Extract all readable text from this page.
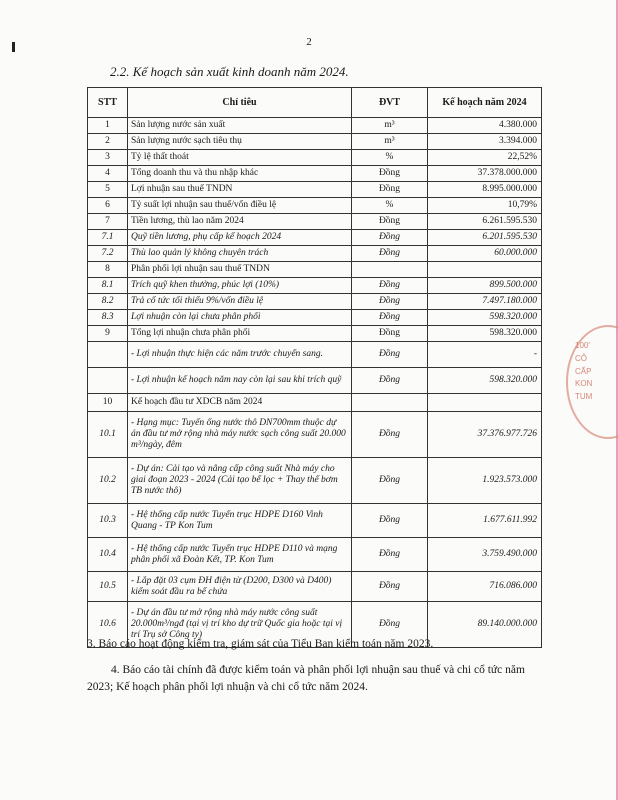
2
2.2. Kế hoạch sản xuất kinh doanh năm 2024.
STT	Chỉ tiêu	ĐVT	Kế hoạch năm 2024
1	Sản lượng nước sản xuất	m³	4.380.000
2	Sản lượng nước sạch tiêu thụ	m³	3.394.000
3	Tỷ lệ thất thoát	%	22,52%
4	Tổng doanh thu và thu nhập khác	Đồng	37.378.000.000
5	Lợi nhuận sau thuế TNDN	Đồng	8.995.000.000
6	Tỷ suất lợi nhuận sau thuế/vốn điều lệ	%	10,79%
7	Tiền lương, thù lao năm 2024	Đồng	6.261.595.530
7.1	Quỹ tiền lương, phụ cấp kế hoạch 2024	Đồng	6.201.595.530
7.2	Thù lao quản lý không chuyên trách	Đồng	60.000.000
8	Phân phối lợi nhuận sau thuế TNDN		
8.1	Trích quỹ khen thưởng, phúc lợi (10%)	Đồng	899.500.000
8.2	Trả cổ tức tối thiểu 9%/vốn điều lệ	Đồng	7.497.180.000
8.3	Lợi nhuận còn lại chưa phân phối	Đồng	598.320.000
9	Tổng lợi nhuận chưa phân phối	Đồng	598.320.000
	- Lợi nhuận thực hiện các năm trước chuyển sang.	Đồng	-
	- Lợi nhuận kế hoạch năm nay còn lại sau khi trích quỹ	Đồng	598.320.000
10	Kế hoạch đầu tư XDCB năm 2024		
10.1	- Hạng mục: Tuyến ống nước thô DN700mm thuộc dự án đầu tư mở rộng nhà máy nước sạch công suất 20.000 m³/ngày, đêm	Đồng	37.376.977.726
10.2	- Dự án: Cải tạo và nâng cấp công suất Nhà máy cho giai đoạn 2023 - 2024 (Cải tạo bể lọc + Thay thế bơm TB nước thô)	Đồng	1.923.573.000
10.3	- Hệ thống cấp nước Tuyến trục HDPE D160 Vinh Quang - TP Kon Tum	Đồng	1.677.611.992
10.4	- Hệ thống cấp nước Tuyến trục HDPE D110 và mạng phân phối xã Đoàn Kết, TP. Kon Tum	Đồng	3.759.490.000
10.5	- Lắp đặt 03 cụm ĐH điện từ (D200, D300 và D400) kiểm soát đầu ra bể chứa	Đồng	716.086.000
10.6	- Dự án đầu tư mở rộng nhà máy nước công suất 20.000m³/ngđ (tại vị trí kho dự trữ Quốc gia hoặc tại vị trí Trụ sở Công ty)	Đồng	89.140.000.000
3. Báo cáo hoạt động kiểm tra, giám sát của Tiểu Ban kiểm toán năm 2023.
4. Báo cáo tài chính đã được kiểm toán và phân phối lợi nhuận sau thuế và chi cổ tức năm 2023; Kế hoạch phân phối lợi nhuận và chi cổ tức năm 2024.
100'
CÔ
CẤP
KON
TUM
